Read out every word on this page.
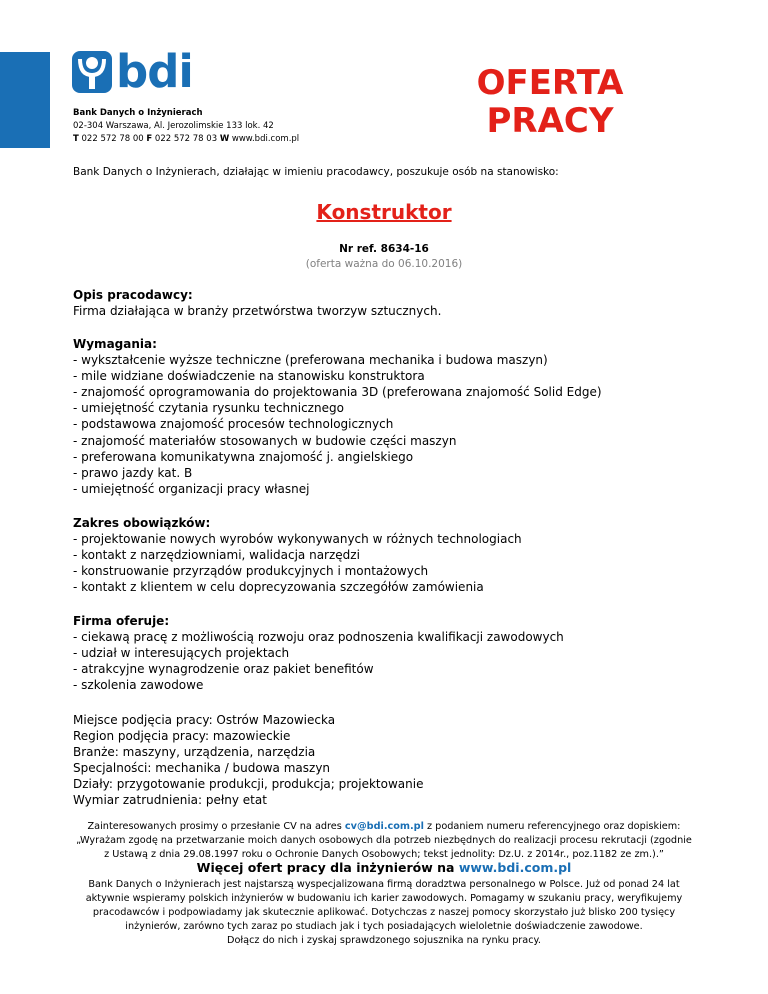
bdi
Bank Danych o Inżynierach
02-304 Warszawa, Al. Jerozolimskie 133 lok. 42
T 022 572 78 00 F 022 572 78 03 W www.bdi.com.pl
OFERTA
PRACY
Bank Danych o Inżynierach, działając w imieniu pracodawcy, poszukuje osób na stanowisko:
Konstruktor
Nr ref. 8634-16
(oferta ważna do 06.10.2016)
Opis pracodawcy:
Firma działająca w branży przetwórstwa tworzyw sztucznych.
Wymagania:
- wykształcenie wyższe techniczne (preferowana mechanika i budowa maszyn)
- mile widziane doświadczenie na stanowisku konstruktora
- znajomość oprogramowania do projektowania 3D (preferowana znajomość Solid Edge)
- umiejętność czytania rysunku technicznego
- podstawowa znajomość procesów technologicznych
- znajomość materiałów stosowanych w budowie części maszyn
- preferowana komunikatywna znajomość j. angielskiego
- prawo jazdy kat. B
- umiejętność organizacji pracy własnej
Zakres obowiązków:
- projektowanie nowych wyrobów wykonywanych w różnych technologiach
- kontakt z narzędziowniami, walidacja narzędzi
- konstruowanie przyrządów produkcyjnych i montażowych
- kontakt z klientem w celu doprecyzowania szczegółów zamówienia
Firma oferuje:
- ciekawą pracę z możliwością rozwoju oraz podnoszenia kwalifikacji zawodowych
- udział w interesujących projektach
- atrakcyjne wynagrodzenie oraz pakiet benefitów
- szkolenia zawodowe
Miejsce podjęcia pracy: Ostrów Mazowiecka
Region podjęcia pracy: mazowieckie
Branże: maszyny, urządzenia, narzędzia
Specjalności: mechanika / budowa maszyn
Działy: przygotowanie produkcji, produkcja; projektowanie
Wymiar zatrudnienia: pełny etat
Zainteresowanych prosimy o przesłanie CV na adres cv@bdi.com.pl z podaniem numeru referencyjnego oraz dopiskiem:
„Wyrażam zgodę na przetwarzanie moich danych osobowych dla potrzeb niezbędnych do realizacji procesu rekrutacji (zgodnie
z Ustawą z dnia 29.08.1997 roku o Ochronie Danych Osobowych; tekst jednolity: Dz.U. z 2014r., poz.1182 ze zm.).”
Więcej ofert pracy dla inżynierów na www.bdi.com.pl
Bank Danych o Inżynierach jest najstarszą wyspecjalizowana firmą doradztwa personalnego w Polsce. Już od ponad 24 lat
aktywnie wspieramy polskich inżynierów w budowaniu ich karier zawodowych. Pomagamy w szukaniu pracy, weryfikujemy
pracodawców i podpowiadamy jak skutecznie aplikować. Dotychczas z naszej pomocy skorzystało już blisko 200 tysięcy
inżynierów, zarówno tych zaraz po studiach jak i tych posiadających wieloletnie doświadczenie zawodowe.
Dołącz do nich i zyskaj sprawdzonego sojusznika na rynku pracy.
